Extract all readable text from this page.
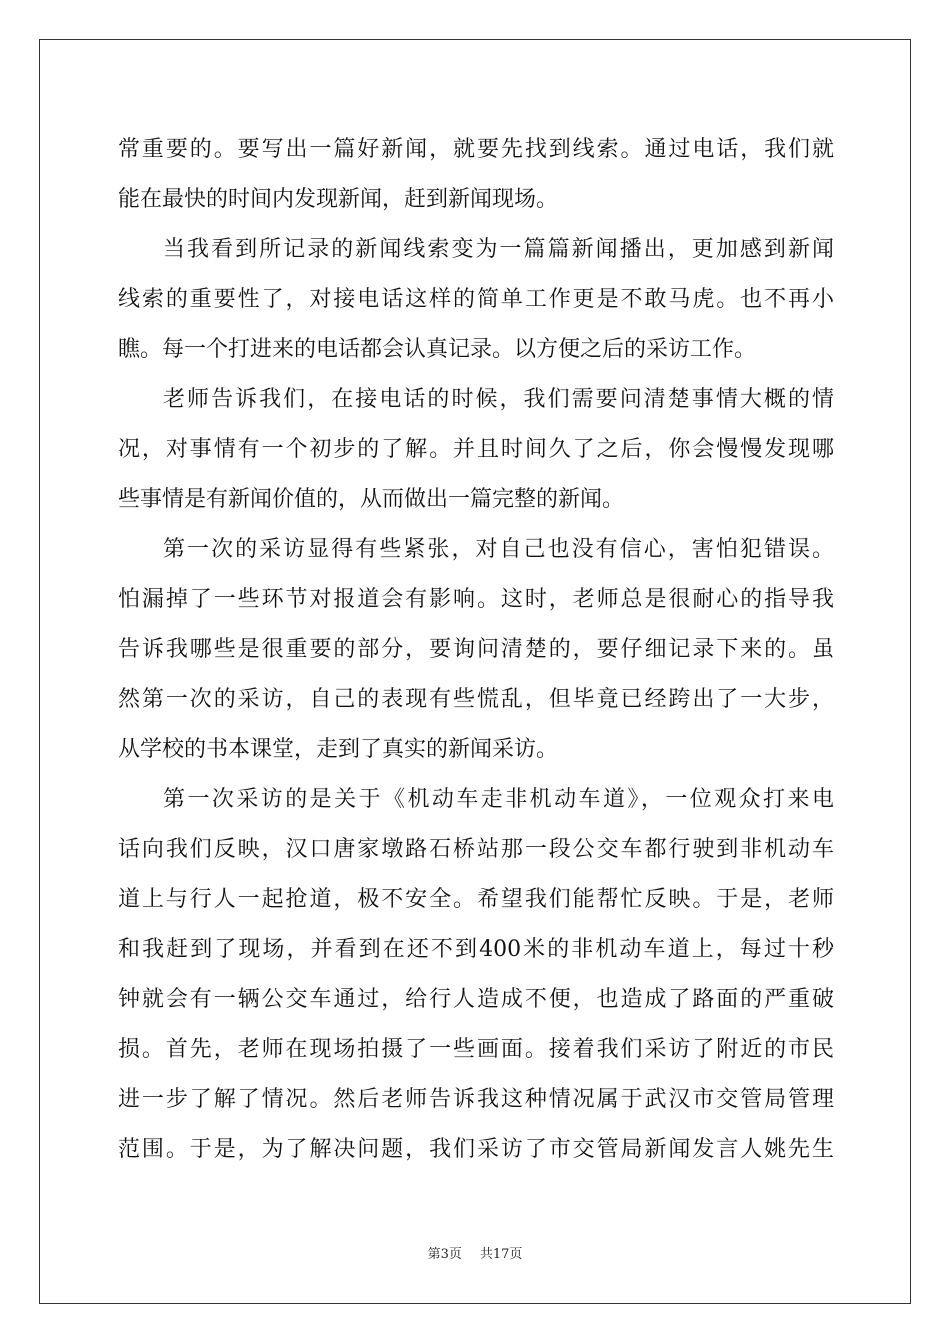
常重要的。要写出一篇好新闻，就要先找到线索。通过电话，我们就
能在最快的时间内发现新闻，赶到新闻现场。
当我看到所记录的新闻线索变为一篇篇新闻播出，更加感到新闻
线索的重要性了，对接电话这样的简单工作更是不敢马虎。也不再小
瞧。每一个打进来的电话都会认真记录。以方便之后的采访工作。
老师告诉我们，在接电话的时候，我们需要问清楚事情大概的情
况，对事情有一个初步的了解。并且时间久了之后，你会慢慢发现哪
些事情是有新闻价值的，从而做出一篇完整的新闻。
第一次的采访显得有些紧张，对自己也没有信心，害怕犯错误。
怕漏掉了一些环节对报道会有影响。这时，老师总是很耐心的指导我
告诉我哪些是很重要的部分，要询问清楚的，要仔细记录下来的。虽
然第一次的采访，自己的表现有些慌乱，但毕竟已经跨出了一大步，
从学校的书本课堂，走到了真实的新闻采访。
第一次采访的是关于《机动车走非机动车道》，一位观众打来电
话向我们反映，汉口唐家墩路石桥站那一段公交车都行驶到非机动车
道上与行人一起抢道，极不安全。希望我们能帮忙反映。于是，老师
和我赶到了现场，并看到在还不到400米的非机动车道上，每过十秒
钟就会有一辆公交车通过，给行人造成不便，也造成了路面的严重破
损。首先，老师在现场拍摄了一些画面。接着我们采访了附近的市民
进一步了解了情况。然后老师告诉我这种情况属于武汉市交管局管理
范围。于是，为了解决问题，我们采访了市交管局新闻发言人姚先生
第3页 共17页
